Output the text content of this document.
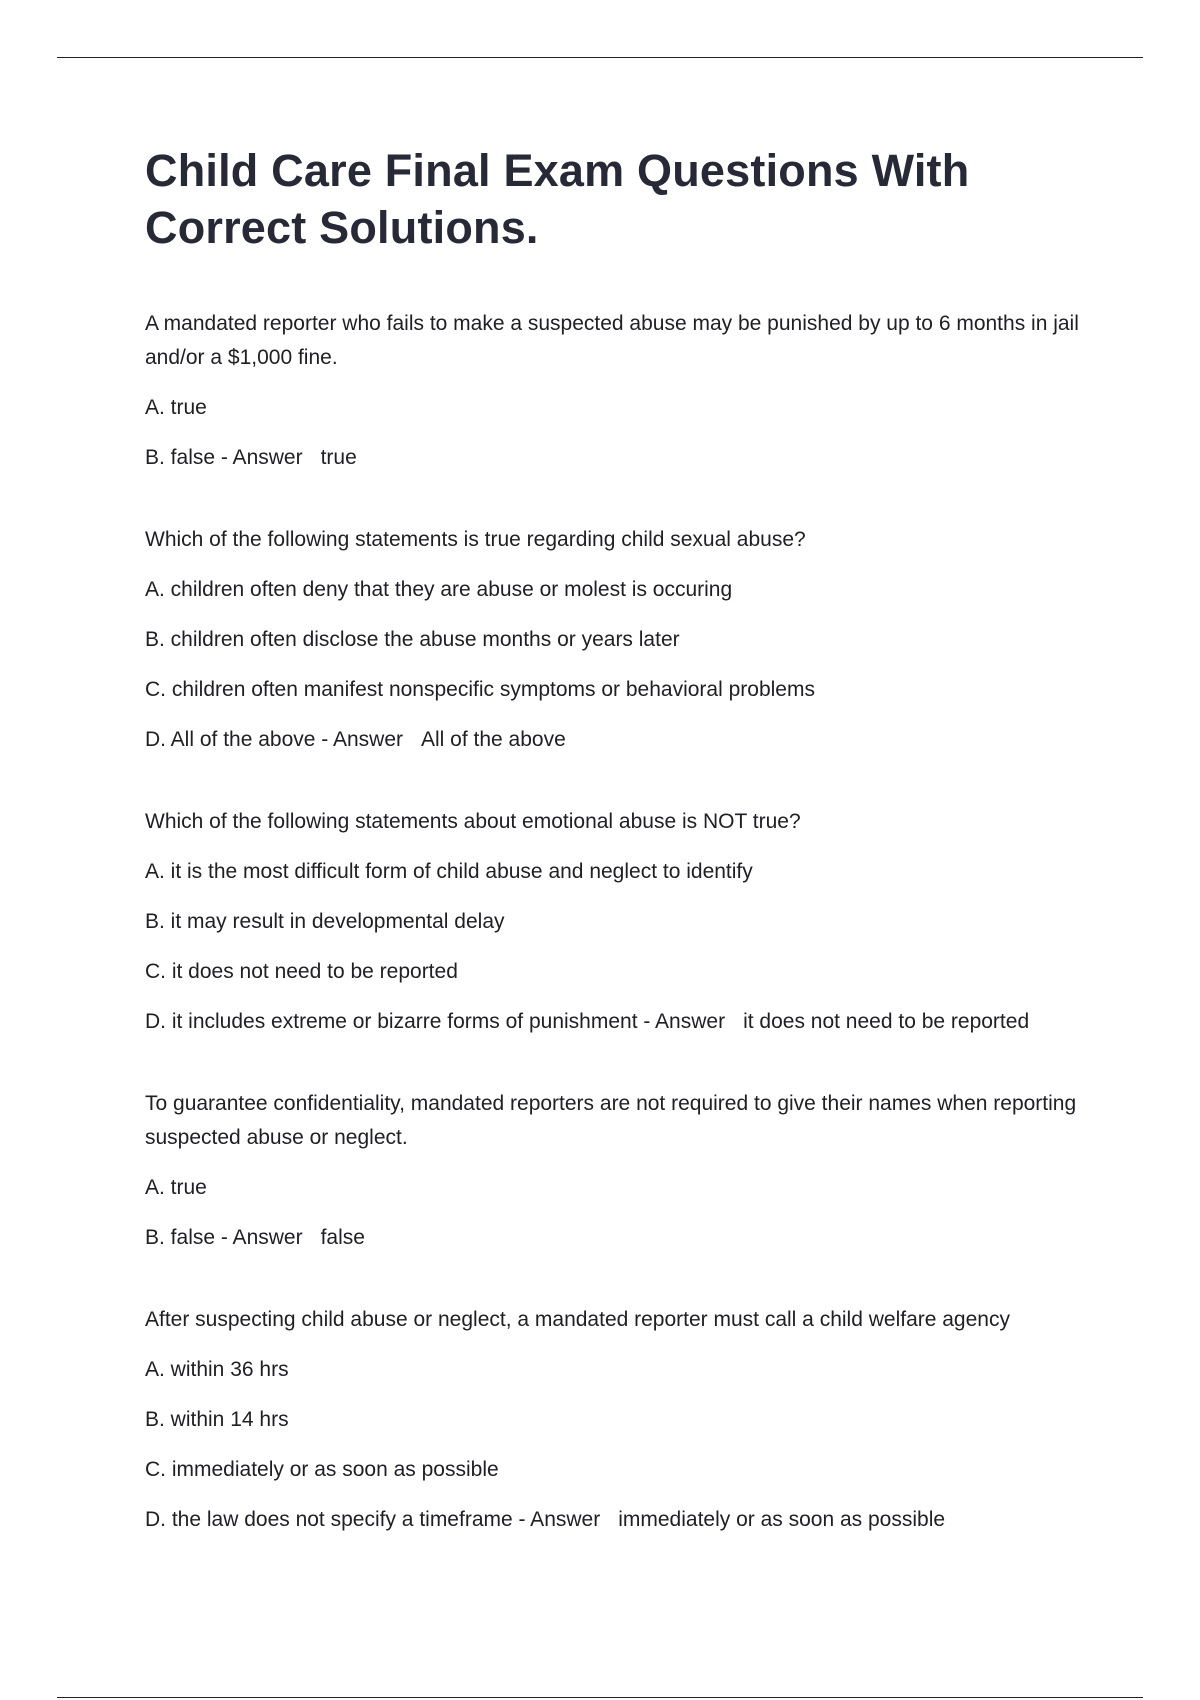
Child Care Final Exam Questions With Correct Solutions.

A mandated reporter who fails to make a suspected abuse may be punished by up to 6 months in jail and/or a $1,000 fine.

A. true

B. false - Answer true

Which of the following statements is true regarding child sexual abuse?

A. children often deny that they are abuse or molest is occuring

B. children often disclose the abuse months or years later

C. children often manifest nonspecific symptoms or behavioral problems

D. All of the above - Answer All of the above

Which of the following statements about emotional abuse is NOT true?

A. it is the most difficult form of child abuse and neglect to identify

B. it may result in developmental delay

C. it does not need to be reported

D. it includes extreme or bizarre forms of punishment - Answer it does not need to be reported

To guarantee confidentiality, mandated reporters are not required to give their names when reporting suspected abuse or neglect.

A. true

B. false - Answer false

After suspecting child abuse or neglect, a mandated reporter must call a child welfare agency

A. within 36 hrs

B. within 14 hrs

C. immediately or as soon as possible

D. the law does not specify a timeframe - Answer immediately or as soon as possible
